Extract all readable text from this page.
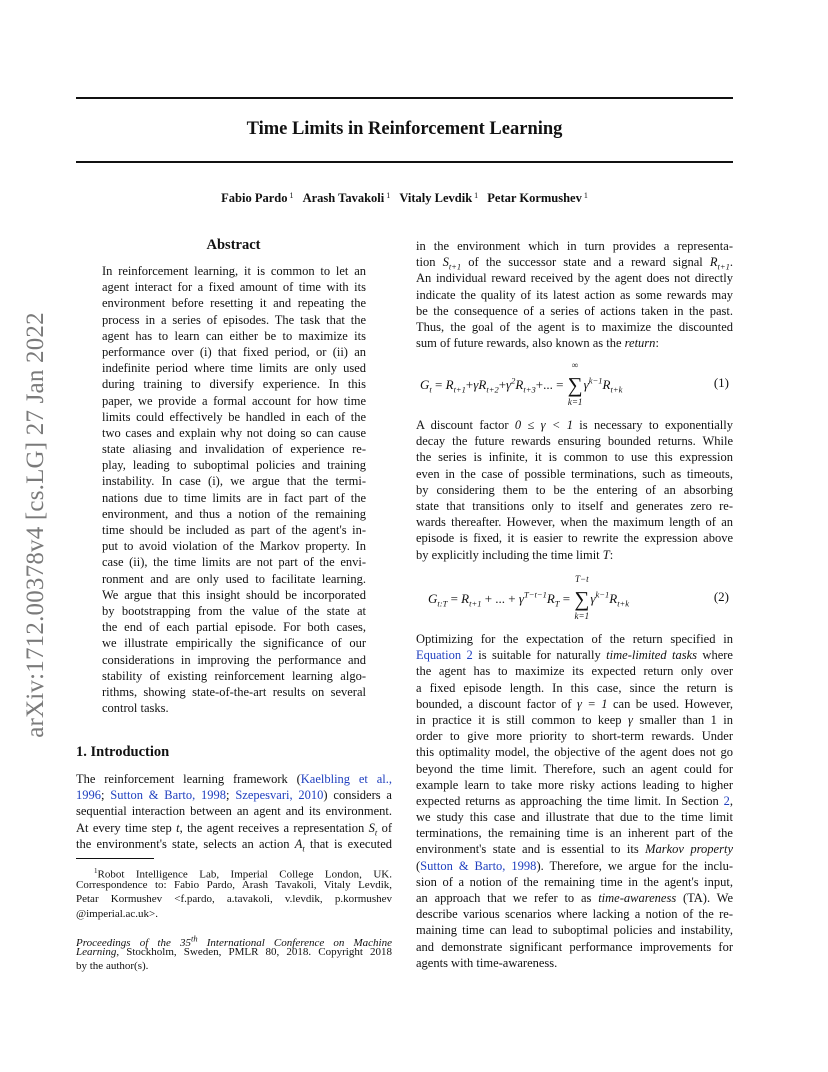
arXiv:1712.00378v4 [cs.LG] 27 Jan 2022
Time Limits in Reinforcement Learning
Fabio Pardo $^1$ Arash Tavakoli $^1$ Vitaly Levdik $^1$ Petar Kormushev $^1$
Abstract
In reinforcement learning, it is common to let an
agent interact for a fixed amount of time with its
environment before resetting it and repeating the
process in a series of episodes. The task that the
agent has to learn can either be to maximize its
performance over (i) that fixed period, or (ii) an
indefinite period where time limits are only used
during training to diversify experience. In this
paper, we provide a formal account for how time
limits could effectively be handled in each of the
two cases and explain why not doing so can cause
state aliasing and invalidation of experience re-
play, leading to suboptimal policies and training
instability. In case (i), we argue that the termi-
nations due to time limits are in fact part of the
environment, and thus a notion of the remaining
time should be included as part of the agent's in-
put to avoid violation of the Markov property. In
case (ii), the time limits are not part of the envi-
ronment and are only used to facilitate learning.
We argue that this insight should be incorporated
by bootstrapping from the value of the state at
the end of each partial episode. For both cases,
we illustrate empirically the significance of our
considerations in improving the performance and
stability of existing reinforcement learning algo-
rithms, showing state-of-the-art results on several
control tasks.
1. Introduction
The reinforcement learning framework (Kaelbling et al.,
1996; Sutton & Barto, 1998; Szepesvari, 2010) considers a
sequential interaction between an agent and its environment.
At every time step t, the agent receives a representation $S_t$ of
the environment's state, selects an action $A_t$ that is executed
$^1$Robot Intelligence Lab, Imperial College London, UK.
Correspondence to: Fabio Pardo, Arash Tavakoli, Vitaly Levdik,
Petar Kormushev <f.pardo, a.tavakoli, v.levdik, p.kormushev
@imperial.ac.uk>.
Proceedings of the 35th International Conference on Machine
Learning, Stockholm, Sweden, PMLR 80, 2018. Copyright 2018
by the author(s).
in the environment which in turn provides a representa-
tion $S_{t+1}$ of the successor state and a reward signal $R_{t+1}$.
An individual reward received by the agent does not directly
indicate the quality of its latest action as some rewards may
be the consequence of a series of actions taken in the past.
Thus, the goal of the agent is to maximize the discounted
sum of future rewards, also known as the return:
$G_t = R_{t+1}+\gamma R_{t+2}+\gamma^2R_{t+3}+$... = ∑
∞
k=1
$\gamma^{k-1}R_{t+k}$	(1)
A discount factor 0 ≤ γ < 1 is necessary to exponentially
decay the future rewards ensuring bounded returns. While
the series is infinite, it is common to use this expression
even in the case of possible terminations, such as timeouts,
by considering them to be the entering of an absorbing
state that transitions only to itself and generates zero re-
wards thereafter. However, when the maximum length of an
episode is fixed, it is easier to rewrite the expression above
by explicitly including the time limit T:
$G_{t:T} = R_{t+1}$ + ... + $\gamma^{T-t-1}R_T$ = ∑
T−t
k=1
$\gamma^{k-1}R_{t+k}$	(2)
Optimizing for the expectation of the return specified in
Equation 2 is suitable for naturally time-limited tasks where
the agent has to maximize its expected return only over
a fixed episode length. In this case, since the return is
bounded, a discount factor of γ = 1 can be used. However,
in practice it is still common to keep γ smaller than 1 in
order to give more priority to short-term rewards. Under
this optimality model, the objective of the agent does not go
beyond the time limit. Therefore, such an agent could for
example learn to take more risky actions leading to higher
expected returns as approaching the time limit. In Section 2,
we study this case and illustrate that due to the time limit
terminations, the remaining time is an inherent part of the
environment's state and is essential to its Markov property
(Sutton & Barto, 1998). Therefore, we argue for the inclu-
sion of a notion of the remaining time in the agent's input,
an approach that we refer to as time-awareness (TA). We
describe various scenarios where lacking a notion of the re-
maining time can lead to suboptimal policies and instability,
and demonstrate significant performance improvements for
agents with time-awareness.
